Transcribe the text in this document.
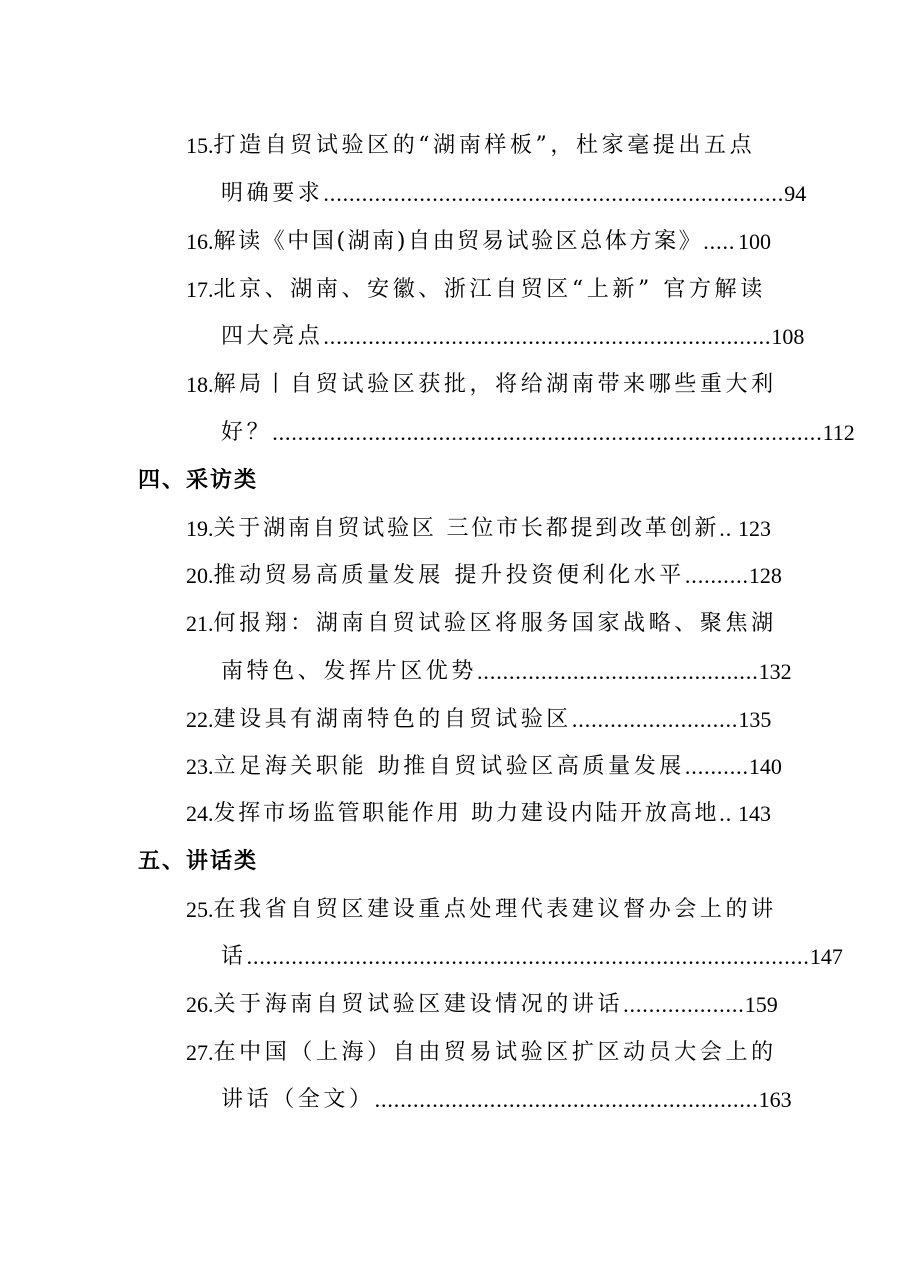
15. 打造自贸试验区的“湖南样板”，杜家毫提出五点
明确要求 ........................................................................ 94
16. 解读《中国(湖南)自由贸易试验区总体方案》 ..... 100
17. 北京、湖南、安徽、浙江自贸区“上新” 官方解读
四大亮点 ...................................................................... 108
18. 解局丨自贸试验区获批，将给湖南带来哪些重大利
好？ ...................................................................................... 112
四、采访类
19. 关于湖南自贸试验区 三位市长都提到改革创新 .. 123
20. 推动贸易高质量发展 提升投资便利化水平 .......... 128
21. 何报翔：湖南自贸试验区将服务国家战略、聚焦湖
南特色、发挥片区优势 ............................................ 132
22. 建设具有湖南特色的自贸试验区 .......................... 135
23. 立足海关职能 助推自贸试验区高质量发展 .......... 140
24. 发挥市场监管职能作用 助力建设内陆开放高地 .. 143
五、讲话类
25. 在我省自贸区建设重点处理代表建议督办会上的讲
话 ........................................................................................ 147
26. 关于海南自贸试验区建设情况的讲话 ................... 159
27. 在中国（上海）自由贸易试验区扩区动员大会上的
讲话（全文） ............................................................ 163
